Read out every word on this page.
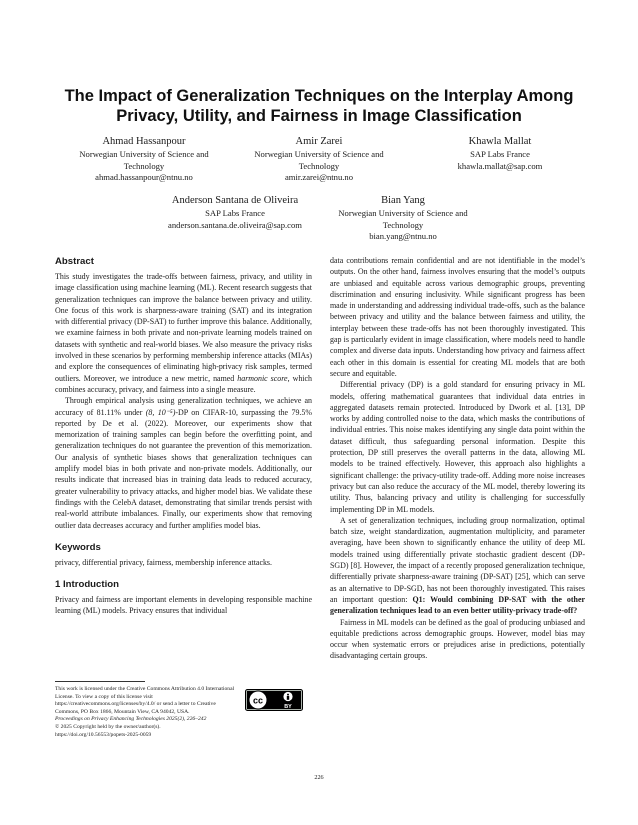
The Impact of Generalization Techniques on the Interplay Among
Privacy, Utility, and Fairness in Image Classification
Ahmad Hassanpour
Norwegian University of Science and
Technology
ahmad.hassanpour@ntnu.no
Amir Zarei
Norwegian University of Science and
Technology
amir.zarei@ntnu.no
Khawla Mallat
SAP Labs France
khawla.mallat@sap.com
Anderson Santana de Oliveira
SAP Labs France
anderson.santana.de.oliveira@sap.com
Bian Yang
Norwegian University of Science and
Technology
bian.yang@ntnu.no
Abstract

This study investigates the trade-offs between fairness, privacy, and utility in image classification using machine learning (ML). Recent research suggests that generalization techniques can improve the balance between privacy and utility. One focus of this work is sharpness-aware training (SAT) and its integration with differential privacy (DP-SAT) to further improve this balance. Additionally, we examine fairness in both private and non-private learning models trained on datasets with synthetic and real-world biases. We also measure the privacy risks involved in these scenarios by performing membership inference attacks (MIAs) and explore the consequences of eliminating high-privacy risk samples, termed outliers. Moreover, we introduce a new metric, named harmonic score, which combines accuracy, privacy, and fairness into a single measure.

Through empirical analysis using generalization techniques, we achieve an accuracy of 81.11% under (8, 10⁻⁵)-DP on CIFAR-10, surpassing the 79.5% reported by De et al. (2022). Moreover, our experiments show that memorization of training samples can begin before the overfitting point, and generalization techniques do not guarantee the prevention of this memorization. Our analysis of synthetic biases shows that generalization techniques can amplify model bias in both private and non-private models. Additionally, our results indicate that increased bias in training data leads to reduced accuracy, greater vulnerability to privacy attacks, and higher model bias. We validate these findings with the CelebA dataset, demonstrating that similar trends persist with real-world attribute imbalances. Finally, our experiments show that removing outlier data decreases accuracy and further amplifies model bias.

Keywords

privacy, differential privacy, fairness, membership inference attacks.

1 Introduction

Privacy and fairness are important elements in developing responsible machine learning (ML) models. Privacy ensures that individual

This work is licensed under the Creative Commons Attribution 4.0 International License. To view a copy of this license visit https://creativecommons.org/licenses/by/4.0/ or send a letter to Creative Commons, PO Box 1866, Mountain View, CA 94042, USA.
Proceedings on Privacy Enhancing Technologies 2025(2), 226–242
© 2025 Copyright held by the owner/author(s).
https://doi.org/10.56553/popets-2025-0059
cc
BY

data contributions remain confidential and are not identifiable in the model’s outputs. On the other hand, fairness involves ensuring that the model’s outputs are unbiased and equitable across various demographic groups, preventing discrimination and ensuring inclusivity. While significant progress has been made in understanding and addressing individual trade-offs, such as the balance between privacy and utility and the balance between fairness and utility, the interplay between these trade-offs has not been thoroughly investigated. This gap is particularly evident in image classification, where models need to handle complex and diverse data inputs. Understanding how privacy and fairness affect each other in this domain is essential for creating ML models that are both secure and equitable.

Differential privacy (DP) is a gold standard for ensuring privacy in ML models, offering mathematical guarantees that individual data entries in aggregated datasets remain protected. Introduced by Dwork et al. [13], DP works by adding controlled noise to the data, which masks the contributions of individual entries. This noise makes identifying any single data point within the dataset difficult, thus safeguarding personal information. Despite this protection, DP still preserves the overall patterns in the data, allowing ML models to be trained effectively. However, this approach also highlights a significant challenge: the privacy-utility trade-off. Adding more noise increases privacy but can also reduce the accuracy of the ML model, thereby lowering its utility. Thus, balancing privacy and utility is challenging for successfully implementing DP in ML models.

A set of generalization techniques, including group normalization, optimal batch size, weight standardization, augmentation multiplicity, and parameter averaging, have been shown to significantly enhance the utility of deep ML models trained using differentially private stochastic gradient descent (DP-SGD) [8]. However, the impact of a recently proposed generalization technique, differentially private sharpness-aware training (DP-SAT) [25], which can serve as an alternative to DP-SGD, has not been thoroughly investigated. This raises an important question: Q1: Would combining DP-SAT with the other generalization techniques lead to an even better utility-privacy trade-off?

Fairness in ML models can be defined as the goal of producing unbiased and equitable predictions across demographic groups. However, model bias may occur when systematic errors or prejudices arise in predictions, potentially disadvantaging certain groups.

226
